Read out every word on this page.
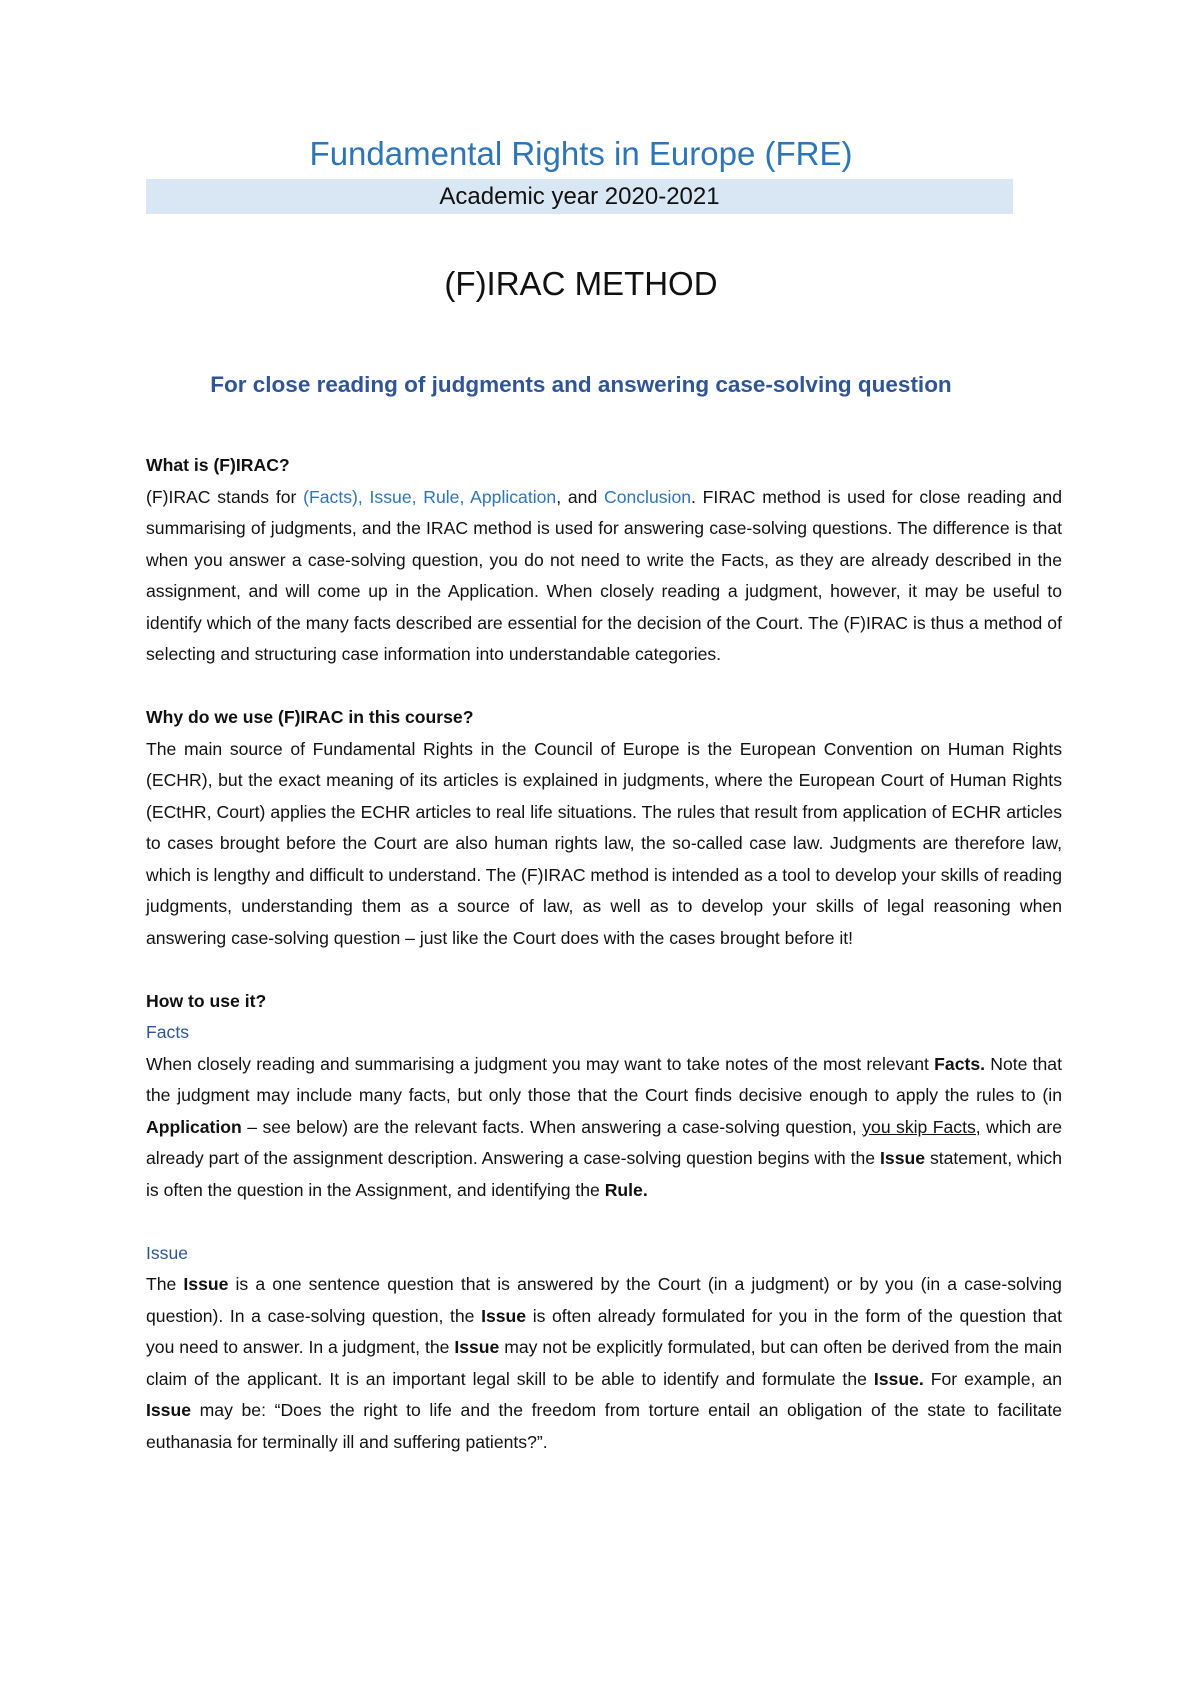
Fundamental Rights in Europe (FRE)
Academic year 2020-2021
(F)IRAC METHOD
For close reading of judgments and answering case-solving question

What is (F)IRAC?

(F)IRAC stands for (Facts), Issue, Rule, Application, and Conclusion. FIRAC method is used for close reading and summarising of judgments, and the IRAC method is used for answering case-solving questions. The difference is that when you answer a case-solving question, you do not need to write the Facts, as they are already described in the assignment, and will come up in the Application. When closely reading a judgment, however, it may be useful to identify which of the many facts described are essential for the decision of the Court. The (F)IRAC is thus a method of selecting and structuring case information into understandable categories.

Why do we use (F)IRAC in this course?

The main source of Fundamental Rights in the Council of Europe is the European Convention on Human Rights (ECHR), but the exact meaning of its articles is explained in judgments, where the European Court of Human Rights (ECtHR, Court) applies the ECHR articles to real life situations. The rules that result from application of ECHR articles to cases brought before the Court are also human rights law, the so-called case law. Judgments are therefore law, which is lengthy and difficult to understand. The (F)IRAC method is intended as a tool to develop your skills of reading judgments, understanding them as a source of law, as well as to develop your skills of legal reasoning when answering case-solving question – just like the Court does with the cases brought before it!

How to use it?

Facts

When closely reading and summarising a judgment you may want to take notes of the most relevant Facts. Note that the judgment may include many facts, but only those that the Court finds decisive enough to apply the rules to (in Application – see below) are the relevant facts. When answering a case-solving question, you skip Facts, which are already part of the assignment description. Answering a case-solving question begins with the Issue statement, which is often the question in the Assignment, and identifying the Rule.

Issue

The Issue is a one sentence question that is answered by the Court (in a judgment) or by you (in a case-solving question). In a case-solving question, the Issue is often already formulated for you in the form of the question that you need to answer. In a judgment, the Issue may not be explicitly formulated, but can often be derived from the main claim of the applicant. It is an important legal skill to be able to identify and formulate the Issue. For example, an Issue may be: “Does the right to life and the freedom from torture entail an obligation of the state to facilitate euthanasia for terminally ill and suffering patients?”.
